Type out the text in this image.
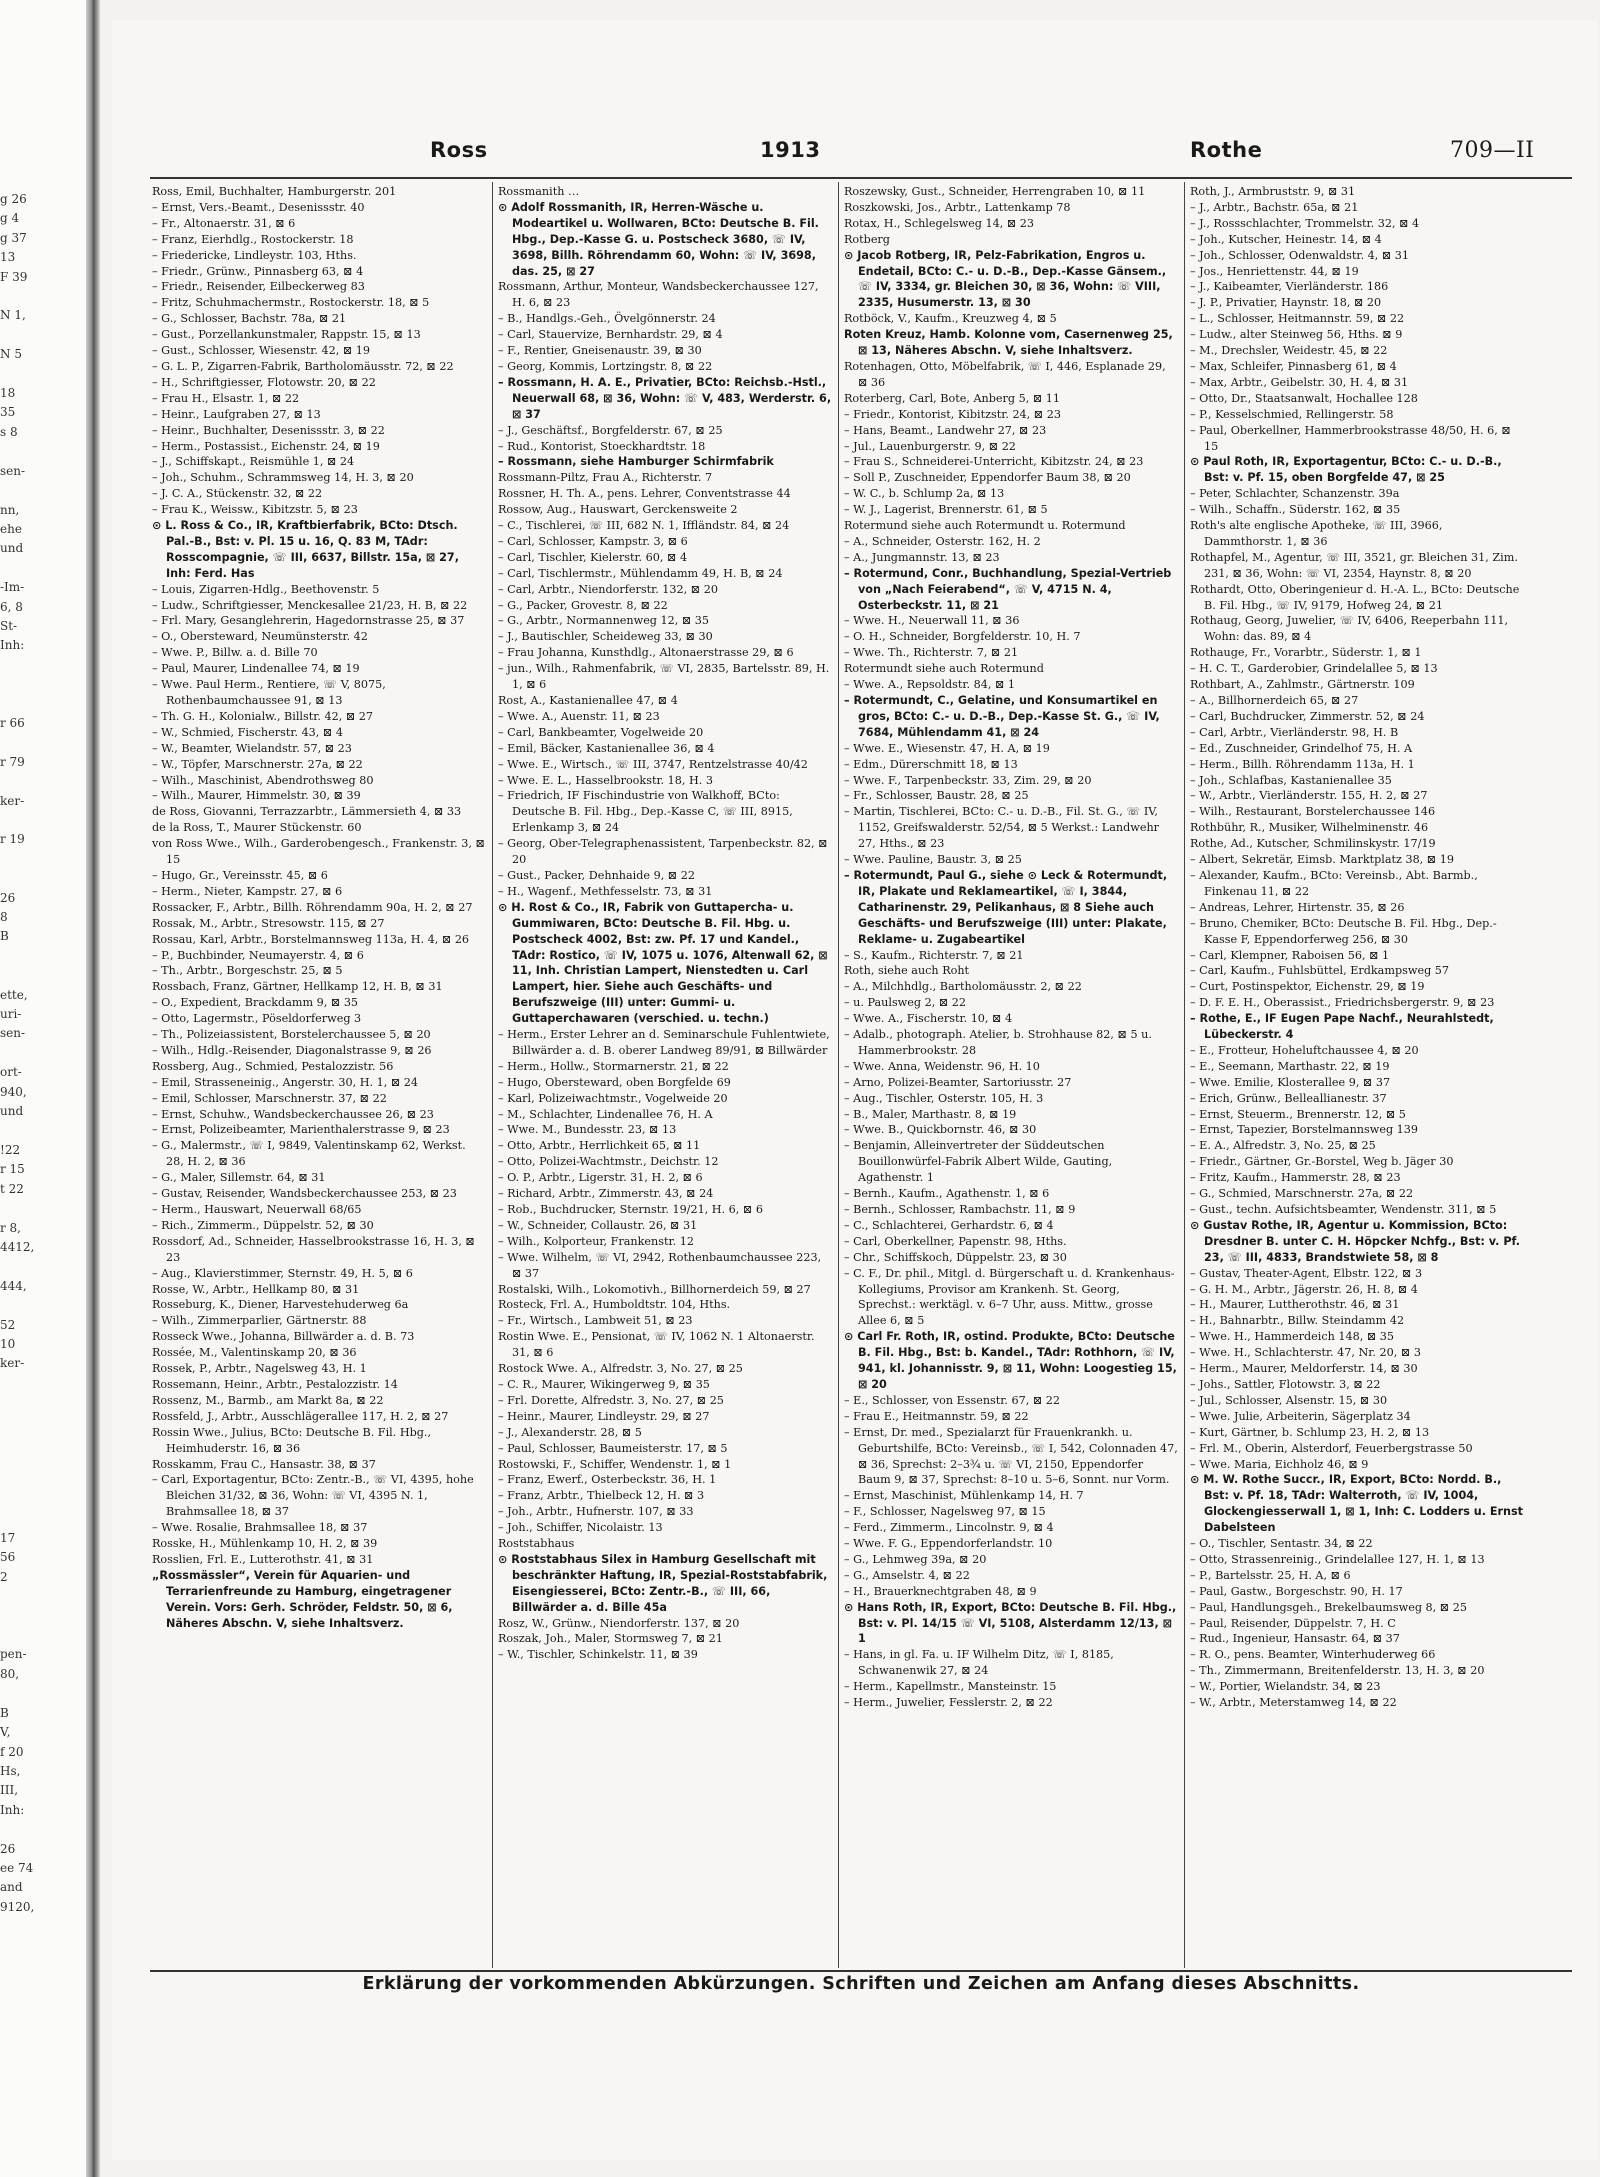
g 26
g 4
g 37
13
F 39

N 1,

N 5

18
35
s 8

sen-

nn,
ehe
und

-Im-
6, 8
St-
Inh:

r 66

r 79

ker-

r 19

26
8
B

ette,
uri-
sen-

ort-
940,
und

!22
r 15
t 22

r 8,
4412,

444,

52
10
ker-

17
56
2

pen-
80,

B
V,
f 20
Hs,
III,
Inh:

26
ee 74
and
9120,
Ross	1913	Rothe	709—II
Ross, Emil, Buchhalter, Hamburgerstr. 201
– Ernst, Vers.-Beamt., Desenissstr. 40
– Fr., Altonaerstr. 31, ⊠ 6
– Franz, Eierhdlg., Rostockerstr. 18
– Friedericke, Lindleystr. 103, Hths.
– Friedr., Grünw., Pinnasberg 63, ⊠ 4
– Friedr., Reisender, Eilbeckerweg 83
– Fritz, Schuhmachermstr., Rostockerstr. 18, ⊠ 5
– G., Schlosser, Bachstr. 78a, ⊠ 21
– Gust., Porzellankunstmaler, Rappstr. 15, ⊠ 13
– Gust., Schlosser, Wiesenstr. 42, ⊠ 19
– G. L. P., Zigarren-Fabrik, Bartholomäusstr. 72, ⊠ 22
– H., Schriftgiesser, Flotowstr. 20, ⊠ 22
– Frau H., Elsastr. 1, ⊠ 22
– Heinr., Laufgraben 27, ⊠ 13
– Heinr., Buchhalter, Desenissstr. 3, ⊠ 22
– Herm., Postassist., Eichenstr. 24, ⊠ 19
– J., Schiffskapt., Reismühle 1, ⊠ 24
– Joh., Schuhm., Schrammsweg 14, H. 3, ⊠ 20
– J. C. A., Stückenstr. 32, ⊠ 22
– Frau K., Weissw., Kibitzstr. 5, ⊠ 23
⊙ L. Ross & Co., IR, Kraftbierfabrik, BCto: Dtsch. Pal.-B., Bst: v. Pl. 15 u. 16, Q. 83 M, TAdr: Rosscompagnie, ☏ III, 6637, Billstr. 15a, ⊠ 27, Inh: Ferd. Has
– Louis, Zigarren-Hdlg., Beethovenstr. 5
– Ludw., Schriftgiesser, Menckesallee 21/23, H. B, ⊠ 22
– Frl. Mary, Gesanglehrerin, Hagedornstrasse 25, ⊠ 37
– O., Obersteward, Neumünsterstr. 42
– Wwe. P., Billw. a. d. Bille 70
– Paul, Maurer, Lindenallee 74, ⊠ 19
– Wwe. Paul Herm., Rentiere, ☏ V, 8075, Rothenbaumchaussee 91, ⊠ 13
– Th. G. H., Kolonialw., Billstr. 42, ⊠ 27
– W., Schmied, Fischerstr. 43, ⊠ 4
– W., Beamter, Wielandstr. 57, ⊠ 23
– W., Töpfer, Marschnerstr. 27a, ⊠ 22
– Wilh., Maschinist, Abendrothsweg 80
– Wilh., Maurer, Himmelstr. 30, ⊠ 39
de Ross, Giovanni, Terrazzarbtr., Lämmersieth 4, ⊠ 33
de la Ross, T., Maurer Stückenstr. 60
von Ross Wwe., Wilh., Garderobengesch., Frankenstr. 3, ⊠ 15
– Hugo, Gr., Vereinsstr. 45, ⊠ 6
– Herm., Nieter, Kampstr. 27, ⊠ 6
Rossacker, F., Arbtr., Billh. Röhrendamm 90a, H. 2, ⊠ 27
Rossak, M., Arbtr., Stresowstr. 115, ⊠ 27
Rossau, Karl, Arbtr., Borstelmannsweg 113a, H. 4, ⊠ 26
– P., Buchbinder, Neumayerstr. 4, ⊠ 6
– Th., Arbtr., Borgeschstr. 25, ⊠ 5
Rossbach, Franz, Gärtner, Hellkamp 12, H. B, ⊠ 31
– O., Expedient, Brackdamm 9, ⊠ 35
– Otto, Lagermstr., Pöseldorferweg 3
– Th., Polizeiassistent, Borstelerchaussee 5, ⊠ 20
– Wilh., Hdlg.-Reisender, Diagonalstrasse 9, ⊠ 26
Rossberg, Aug., Schmied, Pestalozzistr. 56
– Emil, Strasseneinig., Angerstr. 30, H. 1, ⊠ 24
– Emil, Schlosser, Marschnerstr. 37, ⊠ 22
– Ernst, Schuhw., Wandsbeckerchaussee 26, ⊠ 23
– Ernst, Polizeibeamter, Marienthalerstrasse 9, ⊠ 23
– G., Malermstr., ☏ I, 9849, Valentinskamp 62, Werkst. 28, H. 2, ⊠ 36
– G., Maler, Sillemstr. 64, ⊠ 31
– Gustav, Reisender, Wandsbeckerchaussee 253, ⊠ 23
– Herm., Hauswart, Neuerwall 68/65
– Rich., Zimmerm., Düppelstr. 52, ⊠ 30
Rossdorf, Ad., Schneider, Hasselbrookstrasse 16, H. 3, ⊠ 23
– Aug., Klavierstimmer, Sternstr. 49, H. 5, ⊠ 6
Rosse, W., Arbtr., Hellkamp 80, ⊠ 31
Rosseburg, K., Diener, Harvestehuderweg 6a
– Wilh., Zimmerparlier, Gärtnerstr. 88
Rosseck Wwe., Johanna, Billwärder a. d. B. 73
Rossée, M., Valentinskamp 20, ⊠ 36
Rossek, P., Arbtr., Nagelsweg 43, H. 1
Rossemann, Heinr., Arbtr., Pestalozzistr. 14
Rossenz, M., Barmb., am Markt 8a, ⊠ 22
Rossfeld, J., Arbtr., Ausschlägerallee 117, H. 2, ⊠ 27
Rossin Wwe., Julius, BCto: Deutsche B. Fil. Hbg., Heimhuderstr. 16, ⊠ 36
Rosskamm, Frau C., Hansastr. 38, ⊠ 37
– Carl, Exportagentur, BCto: Zentr.-B., ☏ VI, 4395, hohe Bleichen 31/32, ⊠ 36, Wohn: ☏ VI, 4395 N. 1, Brahmsallee 18, ⊠ 37
– Wwe. Rosalie, Brahmsallee 18, ⊠ 37
Rosske, H., Mühlenkamp 10, H. 2, ⊠ 39
Rosslien, Frl. E., Lutterothstr. 41, ⊠ 31
„Rossmässler“, Verein für Aquarien- und Terrarienfreunde zu Hamburg, eingetragener Verein. Vors: Gerh. Schröder, Feldstr. 50, ⊠ 6, Näheres Abschn. V, siehe Inhaltsverz.
Rossmanith …
⊙ Adolf Rossmanith, IR, Herren-Wäsche u. Modeartikel u. Wollwaren, BCto: Deutsche B. Fil. Hbg., Dep.-Kasse G. u. Postscheck 3680, ☏ IV, 3698, Billh. Röhrendamm 60, Wohn: ☏ IV, 3698, das. 25, ⊠ 27
Rossmann, Arthur, Monteur, Wandsbeckerchaussee 127, H. 6, ⊠ 23
– B., Handlgs.-Geh., Övelgönnerstr. 24
– Carl, Stauervize, Bernhardstr. 29, ⊠ 4
– F., Rentier, Gneisenaustr. 39, ⊠ 30
– Georg, Kommis, Lortzingstr. 8, ⊠ 22
– Rossmann, H. A. E., Privatier, BCto: Reichsb.-Hstl., Neuerwall 68, ⊠ 36, Wohn: ☏ V, 483, Werderstr. 6, ⊠ 37
– J., Geschäftsf., Borgfelderstr. 67, ⊠ 25
– Rud., Kontorist, Stoeckhardtstr. 18
– Rossmann, siehe Hamburger Schirmfabrik
Rossmann-Piltz, Frau A., Richterstr. 7
Rossner, H. Th. A., pens. Lehrer, Conventstrasse 44
Rossow, Aug., Hauswart, Gerckensweite 2
– C., Tischlerei, ☏ III, 682 N. 1, Iffländstr. 84, ⊠ 24
– Carl, Schlosser, Kampstr. 3, ⊠ 6
– Carl, Tischler, Kielerstr. 60, ⊠ 4
– Carl, Tischlermstr., Mühlendamm 49, H. B, ⊠ 24
– Carl, Arbtr., Niendorferstr. 132, ⊠ 20
– G., Packer, Grovestr. 8, ⊠ 22
– G., Arbtr., Normannenweg 12, ⊠ 35
– J., Bautischler, Scheideweg 33, ⊠ 30
– Frau Johanna, Kunsthdlg., Altonaerstrasse 29, ⊠ 6
– jun., Wilh., Rahmenfabrik, ☏ VI, 2835, Bartelsstr. 89, H. 1, ⊠ 6
Rost, A., Kastanienallee 47, ⊠ 4
– Wwe. A., Auenstr. 11, ⊠ 23
– Carl, Bankbeamter, Vogelweide 20
– Emil, Bäcker, Kastanienallee 36, ⊠ 4
– Wwe. E., Wirtsch., ☏ III, 3747, Rentzelstrasse 40/42
– Wwe. E. L., Hasselbrookstr. 18, H. 3
– Friedrich, IF Fischindustrie von Walkhoff, BCto: Deutsche B. Fil. Hbg., Dep.-Kasse C, ☏ III, 8915, Erlenkamp 3, ⊠ 24
– Georg, Ober-Telegraphenassistent, Tarpenbeckstr. 82, ⊠ 20
– Gust., Packer, Dehnhaide 9, ⊠ 22
– H., Wagenf., Methfesselstr. 73, ⊠ 31
⊙ H. Rost & Co., IR, Fabrik von Guttapercha- u. Gummiwaren, BCto: Deutsche B. Fil. Hbg. u. Postscheck 4002, Bst: zw. Pf. 17 und Kandel., TAdr: Rostico, ☏ IV, 1075 u. 1076, Altenwall 62, ⊠ 11, Inh. Christian Lampert, Nienstedten u. Carl Lampert, hier. Siehe auch Geschäfts- und Berufszweige (III) unter: Gummi- u. Guttaperchawaren (verschied. u. techn.)
– Herm., Erster Lehrer an d. Seminarschule Fuhlentwiete, Billwärder a. d. B. oberer Landweg 89/91, ⊠ Billwärder
– Herm., Hollw., Stormarnerstr. 21, ⊠ 22
– Hugo, Obersteward, oben Borgfelde 69
– Karl, Polizeiwachtmstr., Vogelweide 20
– M., Schlachter, Lindenallee 76, H. A
– Wwe. M., Bundesstr. 23, ⊠ 13
– Otto, Arbtr., Herrlichkeit 65, ⊠ 11
– Otto, Polizei-Wachtmstr., Deichstr. 12
– O. P., Arbtr., Ligerstr. 31, H. 2, ⊠ 6
– Richard, Arbtr., Zimmerstr. 43, ⊠ 24
– Rob., Buchdrucker, Sternstr. 19/21, H. 6, ⊠ 6
– W., Schneider, Collaustr. 26, ⊠ 31
– Wilh., Kolporteur, Frankenstr. 12
– Wwe. Wilhelm, ☏ VI, 2942, Rothenbaumchaussee 223, ⊠ 37
Rostalski, Wilh., Lokomotivh., Billhornerdeich 59, ⊠ 27
Rosteck, Frl. A., Humboldtstr. 104, Hths.
– Fr., Wirtsch., Lambweit 51, ⊠ 23
Rostin Wwe. E., Pensionat, ☏ IV, 1062 N. 1 Altonaerstr. 31, ⊠ 6
Rostock Wwe. A., Alfredstr. 3, No. 27, ⊠ 25
– C. R., Maurer, Wikingerweg 9, ⊠ 35
– Frl. Dorette, Alfredstr. 3, No. 27, ⊠ 25
– Heinr., Maurer, Lindleystr. 29, ⊠ 27
– J., Alexanderstr. 28, ⊠ 5
– Paul, Schlosser, Baumeisterstr. 17, ⊠ 5
Rostowski, F., Schiffer, Wendenstr. 1, ⊠ 1
– Franz, Ewerf., Osterbeckstr. 36, H. 1
– Franz, Arbtr., Thielbeck 12, H. ⊠ 3
– Joh., Arbtr., Hufnerstr. 107, ⊠ 33
– Joh., Schiffer, Nicolaistr. 13
Roststabhaus
⊙ Roststabhaus Silex in Hamburg Gesellschaft mit beschränkter Haftung, IR, Spezial-Roststabfabrik, Eisengiesserei, BCto: Zentr.-B., ☏ III, 66, Billwärder a. d. Bille 45a
Rosz, W., Grünw., Niendorferstr. 137, ⊠ 20
Roszak, Joh., Maler, Stormsweg 7, ⊠ 21
– W., Tischler, Schinkelstr. 11, ⊠ 39
Roszewsky, Gust., Schneider, Herrengraben 10, ⊠ 11
Roszkowski, Jos., Arbtr., Lattenkamp 78
Rotax, H., Schlegelsweg 14, ⊠ 23
Rotberg
⊙ Jacob Rotberg, IR, Pelz-Fabrikation, Engros u. Endetail, BCto: C.- u. D.-B., Dep.-Kasse Gänsem., ☏ IV, 3334, gr. Bleichen 30, ⊠ 36, Wohn: ☏ VIII, 2335, Husumerstr. 13, ⊠ 30
Rotböck, V., Kaufm., Kreuzweg 4, ⊠ 5
Roten Kreuz, Hamb. Kolonne vom, Casernenweg 25, ⊠ 13, Näheres Abschn. V, siehe Inhaltsverz.
Rotenhagen, Otto, Möbelfabrik, ☏ I, 446, Esplanade 29, ⊠ 36
Roterberg, Carl, Bote, Anberg 5, ⊠ 11
– Friedr., Kontorist, Kibitzstr. 24, ⊠ 23
– Hans, Beamt., Landwehr 27, ⊠ 23
– Jul., Lauenburgerstr. 9, ⊠ 22
– Frau S., Schneiderei-Unterricht, Kibitzstr. 24, ⊠ 23
– Soll P., Zuschneider, Eppendorfer Baum 38, ⊠ 20
– W. C., b. Schlump 2a, ⊠ 13
– W. J., Lagerist, Brennerstr. 61, ⊠ 5
Rotermund siehe auch Rotermundt u. Rotermund
– A., Schneider, Osterstr. 162, H. 2
– A., Jungmannstr. 13, ⊠ 23
– Rotermund, Conr., Buchhandlung, Spezial-Vertrieb von „Nach Feierabend“, ☏ V, 4715 N. 4, Osterbeckstr. 11, ⊠ 21
– Wwe. H., Neuerwall 11, ⊠ 36
– O. H., Schneider, Borgfelderstr. 10, H. 7
– Wwe. Th., Richterstr. 7, ⊠ 21
Rotermundt siehe auch Rotermund
– Wwe. A., Repsoldstr. 84, ⊠ 1
– Rotermundt, C., Gelatine, und Konsumartikel en gros, BCto: C.- u. D.-B., Dep.-Kasse St. G., ☏ IV, 7684, Mühlendamm 41, ⊠ 24
– Wwe. E., Wiesenstr. 47, H. A, ⊠ 19
– Edm., Dürerschmitt 18, ⊠ 13
– Wwe. F., Tarpenbeckstr. 33, Zim. 29, ⊠ 20
– Fr., Schlosser, Baustr. 28, ⊠ 25
– Martin, Tischlerei, BCto: C.- u. D.-B., Fil. St. G., ☏ IV, 1152, Greifswalderstr. 52/54, ⊠ 5 Werkst.: Landwehr 27, Hths., ⊠ 23
– Wwe. Pauline, Baustr. 3, ⊠ 25
– Rotermundt, Paul G., siehe ⊙ Leck & Rotermundt, IR, Plakate und Reklameartikel, ☏ I, 3844, Catharinenstr. 29, Pelikanhaus, ⊠ 8 Siehe auch Geschäfts- und Berufszweige (III) unter: Plakate, Reklame- u. Zugabeartikel
– S., Kaufm., Richterstr. 7, ⊠ 21
Roth, siehe auch Roht
– A., Milchhdlg., Bartholomäusstr. 2, ⊠ 22
– u. Paulsweg 2, ⊠ 22
– Wwe. A., Fischerstr. 10, ⊠ 4
– Adalb., photograph. Atelier, b. Strohhause 82, ⊠ 5 u. Hammerbrookstr. 28
– Wwe. Anna, Weidenstr. 96, H. 10
– Arno, Polizei-Beamter, Sartoriusstr. 27
– Aug., Tischler, Osterstr. 105, H. 3
– B., Maler, Marthastr. 8, ⊠ 19
– Wwe. B., Quickbornstr. 46, ⊠ 30
– Benjamin, Alleinvertreter der Süddeutschen Bouillonwürfel-Fabrik Albert Wilde, Gauting, Agathenstr. 1
– Bernh., Kaufm., Agathenstr. 1, ⊠ 6
– Bernh., Schlosser, Rambachstr. 11, ⊠ 9
– C., Schlachterei, Gerhardstr. 6, ⊠ 4
– Carl, Oberkellner, Papenstr. 98, Hths.
– Chr., Schiffskoch, Düppelstr. 23, ⊠ 30
– C. F., Dr. phil., Mitgl. d. Bürgerschaft u. d. Krankenhaus-Kollegiums, Provisor am Krankenh. St. Georg, Sprechst.: werktägl. v. 6–7 Uhr, auss. Mittw., grosse Allee 6, ⊠ 5
⊙ Carl Fr. Roth, IR, ostind. Produkte, BCto: Deutsche B. Fil. Hbg., Bst: b. Kandel., TAdr: Rothhorn, ☏ IV, 941, kl. Johannisstr. 9, ⊠ 11, Wohn: Loogestieg 15, ⊠ 20
– E., Schlosser, von Essenstr. 67, ⊠ 22
– Frau E., Heitmannstr. 59, ⊠ 22
– Ernst, Dr. med., Spezialarzt für Frauenkrankh. u. Geburtshilfe, BCto: Vereinsb., ☏ I, 542, Colonnaden 47, ⊠ 36, Sprechst: 2–3¾ u. ☏ VI, 2150, Eppendorfer Baum 9, ⊠ 37, Sprechst: 8–10 u. 5–6, Sonnt. nur Vorm.
– Ernst, Maschinist, Mühlenkamp 14, H. 7
– F., Schlosser, Nagelsweg 97, ⊠ 15
– Ferd., Zimmerm., Lincolnstr. 9, ⊠ 4
– Wwe. F. G., Eppendorferlandstr. 10
– G., Lehmweg 39a, ⊠ 20
– G., Amselstr. 4, ⊠ 22
– H., Brauerknechtgraben 48, ⊠ 9
⊙ Hans Roth, IR, Export, BCto: Deutsche B. Fil. Hbg., Bst: v. Pl. 14/15 ☏ VI, 5108, Alsterdamm 12/13, ⊠ 1
– Hans, in gl. Fa. u. IF Wilhelm Ditz, ☏ I, 8185, Schwanenwik 27, ⊠ 24
– Herm., Kapellmstr., Mansteinstr. 15
– Herm., Juwelier, Fesslerstr. 2, ⊠ 22
Roth, J., Armbruststr. 9, ⊠ 31
– J., Arbtr., Bachstr. 65a, ⊠ 21
– J., Rossschlachter, Trommelstr. 32, ⊠ 4
– Joh., Kutscher, Heinestr. 14, ⊠ 4
– Joh., Schlosser, Odenwaldstr. 4, ⊠ 31
– Jos., Henriettenstr. 44, ⊠ 19
– J., Kaibeamter, Vierländerstr. 186
– J. P., Privatier, Haynstr. 18, ⊠ 20
– L., Schlosser, Heitmannstr. 59, ⊠ 22
– Ludw., alter Steinweg 56, Hths. ⊠ 9
– M., Drechsler, Weidestr. 45, ⊠ 22
– Max, Schleifer, Pinnasberg 61, ⊠ 4
– Max, Arbtr., Geibelstr. 30, H. 4, ⊠ 31
– Otto, Dr., Staatsanwalt, Hochallee 128
– P., Kesselschmied, Rellingerstr. 58
– Paul, Oberkellner, Hammerbrookstrasse 48/50, H. 6, ⊠ 15
⊙ Paul Roth, IR, Exportagentur, BCto: C.- u. D.-B., Bst: v. Pf. 15, oben Borgfelde 47, ⊠ 25
– Peter, Schlachter, Schanzenstr. 39a
– Wilh., Schaffn., Süderstr. 162, ⊠ 35
Roth's alte englische Apotheke, ☏ III, 3966, Dammthorstr. 1, ⊠ 36
Rothapfel, M., Agentur, ☏ III, 3521, gr. Bleichen 31, Zim. 231, ⊠ 36, Wohn: ☏ VI, 2354, Haynstr. 8, ⊠ 20
Rothardt, Otto, Oberingenieur d. H.-A. L., BCto: Deutsche B. Fil. Hbg., ☏ IV, 9179, Hofweg 24, ⊠ 21
Rothaug, Georg, Juwelier, ☏ IV, 6406, Reeperbahn 111, Wohn: das. 89, ⊠ 4
Rothauge, Fr., Vorarbtr., Süderstr. 1, ⊠ 1
– H. C. T., Garderobier, Grindelallee 5, ⊠ 13
Rothbart, A., Zahlmstr., Gärtnerstr. 109
– A., Billhornerdeich 65, ⊠ 27
– Carl, Buchdrucker, Zimmerstr. 52, ⊠ 24
– Carl, Arbtr., Vierländerstr. 98, H. B
– Ed., Zuschneider, Grindelhof 75, H. A
– Herm., Billh. Röhrendamm 113a, H. 1
– Joh., Schlafbas, Kastanienallee 35
– W., Arbtr., Vierländerstr. 155, H. 2, ⊠ 27
– Wilh., Restaurant, Borstelerchaussee 146
Rothbühr, R., Musiker, Wilhelminenstr. 46
Rothe, Ad., Kutscher, Schmilinskystr. 17/19
– Albert, Sekretär, Eimsb. Marktplatz 38, ⊠ 19
– Alexander, Kaufm., BCto: Vereinsb., Abt. Barmb., Finkenau 11, ⊠ 22
– Andreas, Lehrer, Hirtenstr. 35, ⊠ 26
– Bruno, Chemiker, BCto: Deutsche B. Fil. Hbg., Dep.-Kasse F, Eppendorferweg 256, ⊠ 30
– Carl, Klempner, Raboisen 56, ⊠ 1
– Carl, Kaufm., Fuhlsbüttel, Erdkampsweg 57
– Curt, Postinspektor, Eichenstr. 29, ⊠ 19
– D. F. E. H., Oberassist., Friedrichsbergerstr. 9, ⊠ 23
– Rothe, E., IF Eugen Pape Nachf., Neurahlstedt, Lübeckerstr. 4
– E., Frotteur, Hoheluftchaussee 4, ⊠ 20
– E., Seemann, Marthastr. 22, ⊠ 19
– Wwe. Emilie, Klosterallee 9, ⊠ 37
– Erich, Grünw., Belleallianestr. 37
– Ernst, Steuerm., Brennerstr. 12, ⊠ 5
– Ernst, Tapezier, Borstelmannsweg 139
– E. A., Alfredstr. 3, No. 25, ⊠ 25
– Friedr., Gärtner, Gr.-Borstel, Weg b. Jäger 30
– Fritz, Kaufm., Hammerstr. 28, ⊠ 23
– G., Schmied, Marschnerstr. 27a, ⊠ 22
– Gust., techn. Aufsichtsbeamter, Wendenstr. 311, ⊠ 5
⊙ Gustav Rothe, IR, Agentur u. Kommission, BCto: Dresdner B. unter C. H. Höpcker Nchfg., Bst: v. Pf. 23, ☏ III, 4833, Brandstwiete 58, ⊠ 8
– Gustav, Theater-Agent, Elbstr. 122, ⊠ 3
– G. H. M., Arbtr., Jägerstr. 26, H. 8, ⊠ 4
– H., Maurer, Luttherothstr. 46, ⊠ 31
– H., Bahnarbtr., Billw. Steindamm 42
– Wwe. H., Hammerdeich 148, ⊠ 35
– Wwe. H., Schlachterstr. 47, Nr. 20, ⊠ 3
– Herm., Maurer, Meldorferstr. 14, ⊠ 30
– Johs., Sattler, Flotowstr. 3, ⊠ 22
– Jul., Schlosser, Alsenstr. 15, ⊠ 30
– Wwe. Julie, Arbeiterin, Sägerplatz 34
– Kurt, Gärtner, b. Schlump 23, H. 2, ⊠ 13
– Frl. M., Oberin, Alsterdorf, Feuerbergstrasse 50
– Wwe. Maria, Eichholz 46, ⊠ 9
⊙ M. W. Rothe Succr., IR, Export, BCto: Nordd. B., Bst: v. Pf. 18, TAdr: Walterroth, ☏ IV, 1004, Glockengiesserwall 1, ⊠ 1, Inh: C. Lodders u. Ernst Dabelsteen
– O., Tischler, Sentastr. 34, ⊠ 22
– Otto, Strassenreinig., Grindelallee 127, H. 1, ⊠ 13
– P., Bartelsstr. 25, H. A, ⊠ 6
– Paul, Gastw., Borgeschstr. 90, H. 17
– Paul, Handlungsgeh., Brekelbaumsweg 8, ⊠ 25
– Paul, Reisender, Düppelstr. 7, H. C
– Rud., Ingenieur, Hansastr. 64, ⊠ 37
– R. O., pens. Beamter, Winterhuderweg 66
– Th., Zimmermann, Breitenfelderstr. 13, H. 3, ⊠ 20
– W., Portier, Wielandstr. 34, ⊠ 23
– W., Arbtr., Meterstamweg 14, ⊠ 22
Erklärung der vorkommenden Abkürzungen. Schriften und Zeichen am Anfang dieses Abschnitts.
